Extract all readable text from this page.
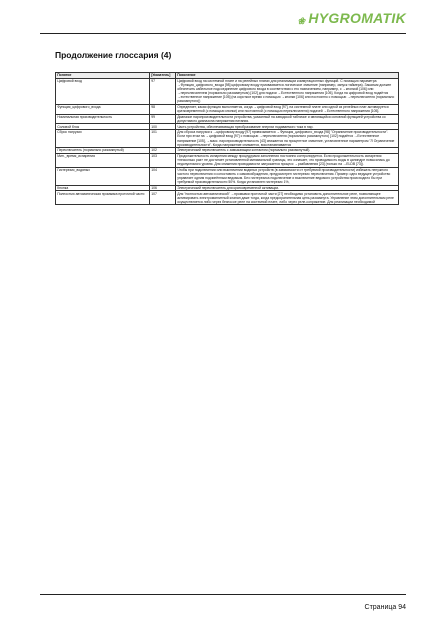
❀ HYGROMATIK
Продолжение глоссария (4)
Понятие	[Указатель]	Пояснение
Цифровой вход	97	Цифровой вход на системной плате и на релейных платах для реализации коммутационных функций. С помощью параметра →Функция_цифрового_входа [98] цифровому входу присваивается логическое значение (например, запуск таймера). Заказчик должен обеспечить кабельное подсоединение цифрового входа в соответствии с его назначением, например, с →кнопкой [106] или →переключателем (нормально разомкнутым) [102] для подачи →Естественного напряжения [105]. Когда на цифровой вход подаётся →естественное напряжение [105] (на короткое время с помощью →кнопки [106] или постоянно с помощью →переключателя (нормально разомкнутого))
Функция_цифрового_входа	98	Определяет, какая функция выполняется, когда →цифровой вход [97], на системной плате или одной из релейных плат активируется кратковременной (с помощью кнопки) или постоянной (с помощью переключателя) подачей →Естественного напряжения [105].
Номинальная производительность	99	Диапазон паропроизводительности устройства, указанный на заводской табличке и являющийся основной функцией устройства со допустимого диапазона напряжения питания.
Силовой блок	100	Часть устройства, обеспечивающая преобразование энергии подаваемого тока в пар.
Сброс нагрузки	101	Для сброса нагрузки к →цифровому входу [97] привязывается →Функция_цифрового_входа [98] "Ограничение производительности". Если при этом на →цифровой вход [97] с помощью →переключателя (нормально разомкнутого) [102] подаётся →Естественное напряжение [105], →макс. паропроизводительность [43] снижается на процентное значение, установленное параметром "Л Ограничение производительности". Когда напряжение снимается, восстанавливается
Переключатель (нормально разомкнутый)	102	Электрический переключатель с замыкающим контактом (нормально разомкнутый).
Мин._время_испарения	103	Продолжительность испарения между процедурами заполнения постоянно контролируется. Если продолжительность испарения «несколько раз» не достигает установленной минимальной границы, это означает, что проводимость воды в цилиндре повысилась до недопустимого уровня. Для снижения проводимости запускается процесс →разбавления [23] (только на →ELDB [73]).
Гистерезис_водяных	104	Чтобы при подключении или выключении водяных устройств (в зависимости от требуемой производительности) избежать ненужного частого переключения и сопоставить с самовозбуждения, предусмотрен гистерезис переключения. Пример: одно ведущее устройство управляет одним подчинённым ведомым. Без гистерезиса подключение и выключение ведомого устройства происходило бы при требуемой производительности 50%. Когда установлен гистерезис 1%,
Кнопка	106	Электрический переключатель для кратковременной активации.
Полностью автоматическая промывка проточной части	107	Для "полностью автоматической" →промывки проточной части [27] необходимо установить дополнительное реле, позволяющее активировать электромагнитный клапан даже тогда, когда предохранительная цепь разомкнута. Управление этим дополнительным реле осуществляется либо через безносое реле на системной плате, либо через реле-сопряжение. Для реализации необходимой
Страница 94
